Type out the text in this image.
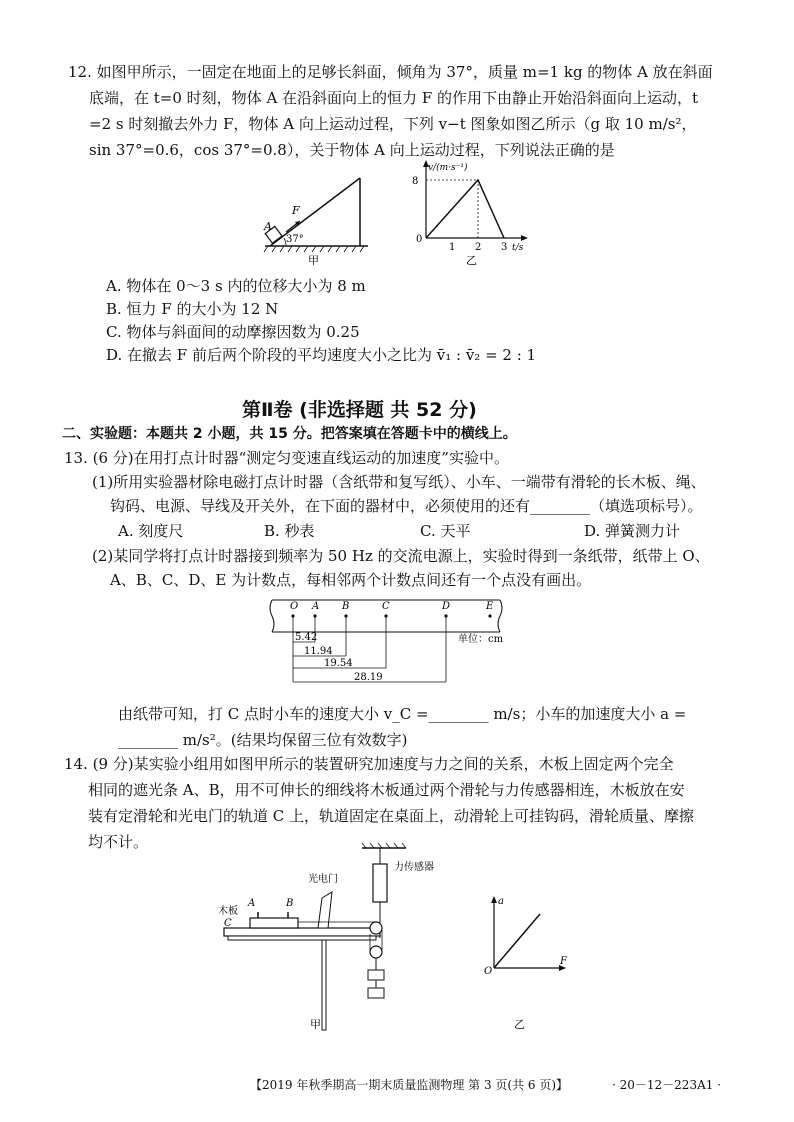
12. 如图甲所示，一固定在地面上的足够长斜面，倾角为 37°，质量 m=1 kg 的物体 A 放在斜面
底端，在 t=0 时刻，物体 A 在沿斜面向上的恒力 F 的作用下由静止开始沿斜面向上运动，t
=2 s 时刻撤去外力 F，物体 A 向上运动过程，下列 v−t 图象如图乙所示（g 取 10 m/s²，
sin 37°=0.6，cos 37°=0.8），关于物体 A 向上运动过程，下列说法正确的是
A
F
37°
甲
v/(m·s⁻¹)
t/s
8
0
1 2 3
乙
A. 物体在 0～3 s 内的位移大小为 8 m
B. 恒力 F 的大小为 12 N
C. 物体与斜面间的动摩擦因数为 0.25
D. 在撤去 F 前后两个阶段的平均速度大小之比为 v̄₁ : v̄₂ = 2 : 1
第Ⅱ卷 (非选择题 共 52 分)
二、实验题：本题共 2 小题，共 15 分。把答案填在答题卡中的横线上。
13. (6 分)在用打点计时器“测定匀变速直线运动的加速度”实验中。
(1)所用实验器材除电磁打点计时器（含纸带和复写纸）、小车、一端带有滑轮的长木板、绳、
钩码、电源、导线及开关外，在下面的器材中，必须使用的还有________（填选项标号）。
A. 刻度尺	B. 秒表	C. 天平	D. 弹簧测力计
(2)某同学将打点计时器接到频率为 50 Hz 的交流电源上，实验时得到一条纸带，纸带上 O、
A、B、C、D、E 为计数点，每相邻两个计数点间还有一个点没有画出。
O A B	C	D	E
5.42
11.94
19.54
28.19
单位：cm
由纸带可知，打 C 点时小车的速度大小 v_C =________ m/s；小车的加速度大小 a =
________ m/s²。(结果均保留三位有效数字)
14. (9 分)某实验小组用如图甲所示的装置研究加速度与力之间的关系，木板上固定两个完全
相同的遮光条 A、B，用不可伸长的细线将木板通过两个滑轮与力传感器相连，木板放在安
装有定滑轮和光电门的轨道 C 上，轨道固定在桌面上，动滑轮上可挂钩码，滑轮质量、摩擦
均不计。
力传感器
木板
A	B
C
光电门
甲
a
F
O
乙
【2019 年秋季期高一期末质量监测物理 第 3 页(共 6 页)】	· 20－12－223A1 ·
